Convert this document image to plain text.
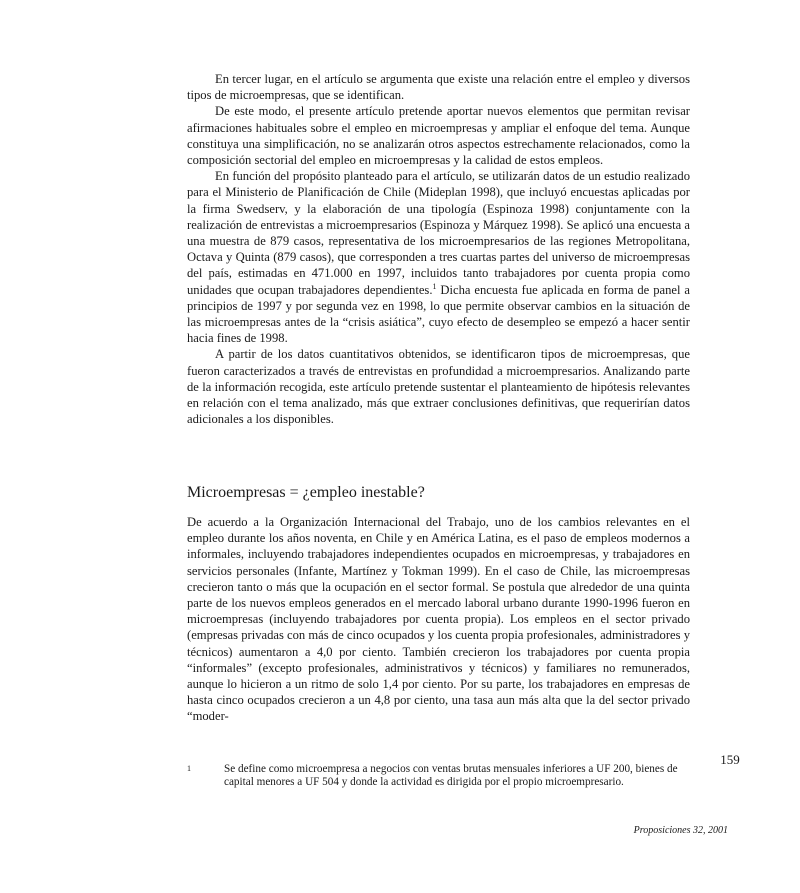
En tercer lugar, en el artículo se argumenta que existe una relación entre el empleo y diversos tipos de microempresas, que se identifican.

De este modo, el presente artículo pretende aportar nuevos elementos que permitan revisar afirmaciones habituales sobre el empleo en microempresas y ampliar el enfoque del tema. Aunque constituya una simplificación, no se analizarán otros aspectos estrechamente relacionados, como la composición sectorial del empleo en microempresas y la calidad de estos empleos.

En función del propósito planteado para el artículo, se utilizarán datos de un estudio realizado para el Ministerio de Planificación de Chile (Mideplan 1998), que incluyó encuestas aplicadas por la firma Swedserv, y la elaboración de una tipología (Espinoza 1998) conjuntamente con la realización de entrevistas a microempresarios (Espinoza y Márquez 1998). Se aplicó una encuesta a una muestra de 879 casos, representativa de los microempresarios de las regiones Metropolitana, Octava y Quinta (879 casos), que corresponden a tres cuartas partes del universo de microempresas del país, estimadas en 471.000 en 1997, incluidos tanto trabajadores por cuenta propia como unidades que ocupan trabajadores dependientes.$^1$ Dicha encuesta fue aplicada en forma de panel a principios de 1997 y por segunda vez en 1998, lo que permite observar cambios en la situación de las microempresas antes de la “crisis asiática”, cuyo efecto de desempleo se empezó a hacer sentir hacia fines de 1998.

A partir de los datos cuantitativos obtenidos, se identificaron tipos de microempresas, que fueron caracterizados a través de entrevistas en profundidad a microempresarios. Analizando parte de la información recogida, este artículo pretende sustentar el planteamiento de hipótesis relevantes en relación con el tema analizado, más que extraer conclusiones definitivas, que requerirían datos adicionales a los disponibles.

Microempresas = ¿empleo inestable?

De acuerdo a la Organización Internacional del Trabajo, uno de los cambios relevantes en el empleo durante los años noventa, en Chile y en América Latina, es el paso de empleos modernos a informales, incluyendo trabajadores independientes ocupados en microempresas, y trabajadores en servicios personales (Infante, Martínez y Tokman 1999). En el caso de Chile, las microempresas crecieron tanto o más que la ocupación en el sector formal. Se postula que alrededor de una quinta parte de los nuevos empleos generados en el mercado laboral urbano durante 1990-1996 fueron en microempresas (incluyendo trabajadores por cuenta propia). Los empleos en el sector privado (empresas privadas con más de cinco ocupados y los cuenta propia profesionales, administradores y técnicos) aumentaron a 4,0 por ciento. También crecieron los trabajadores por cuenta propia “informales” (excepto profesionales, administrativos y técnicos) y familiares no remunerados, aunque lo hicieron a un ritmo de solo 1,4 por ciento. Por su parte, los trabajadores en empresas de hasta cinco ocupados crecieron a un 4,8 por ciento, una tasa aun más alta que la del sector privado “moder-

159
1	Se define como microempresa a negocios con ventas brutas mensuales inferiores a UF 200, bienes de capital menores a UF 504 y donde la actividad es dirigida por el propio microempresario.
Proposiciones 32, 2001
